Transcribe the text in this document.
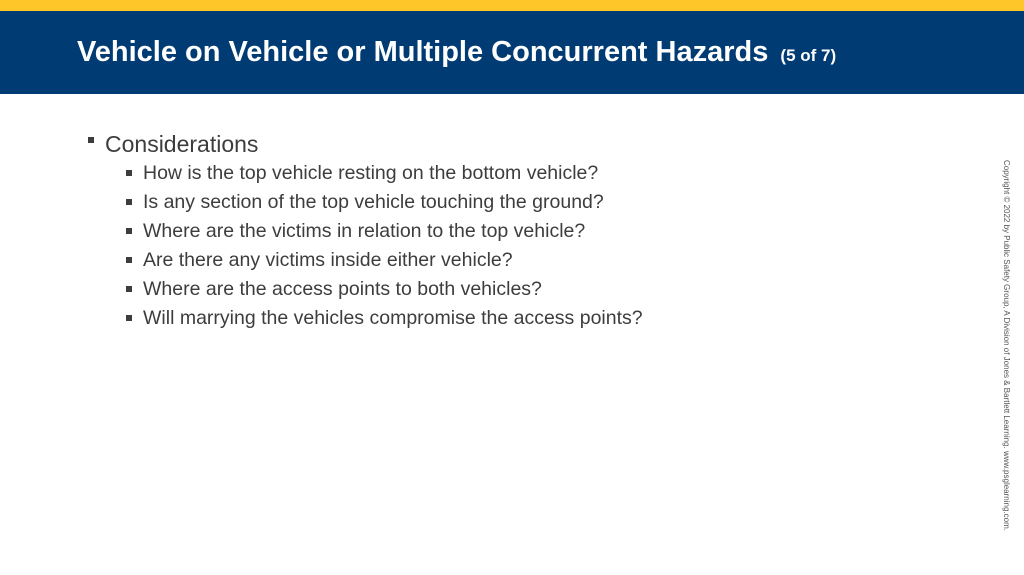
Vehicle on Vehicle or Multiple Concurrent Hazards (5 of 7)
Considerations
How is the top vehicle resting on the bottom vehicle?
Is any section of the top vehicle touching the ground?
Where are the victims in relation to the top vehicle?
Are there any victims inside either vehicle?
Where are the access points to both vehicles?
Will marrying the vehicles compromise the access points?	Copyright © 2022 by Public Safety Group, A Division of Jones & Bartlett Learning. www.psglearning.com.
